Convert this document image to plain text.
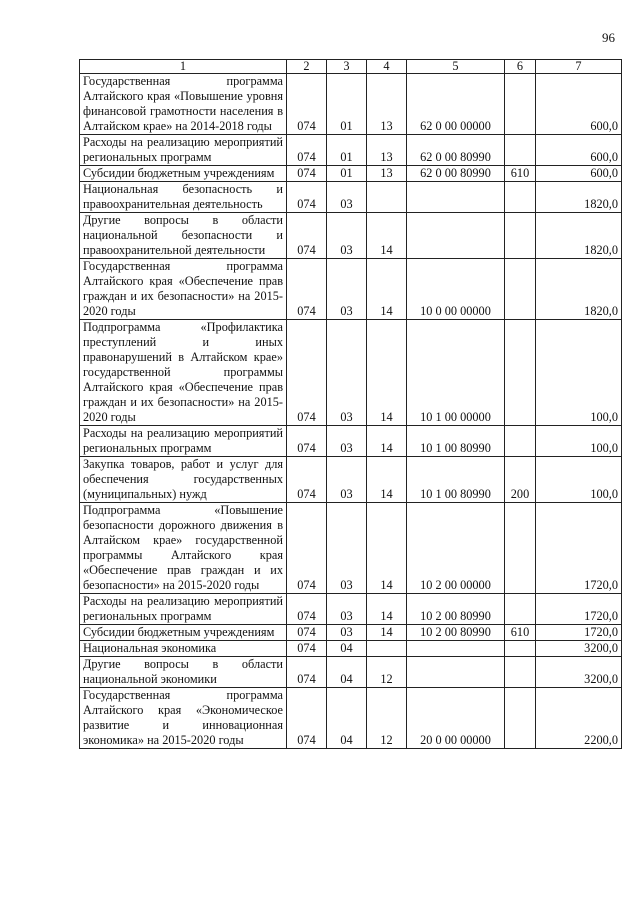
96
1	2	3	4	5	6	7
Государственная программа Алтайского края «Повышение уровня финансовой грамотности населения в Алтайском крае» на 2014-2018 годы	074	01	13	62 0 00 00000		600,0
Расходы на реализацию мероприятий региональных программ	074	01	13	62 0 00 80990		600,0
Субсидии бюджетным учреждениям	074	01	13	62 0 00 80990	610	600,0
Национальная безопасность и правоохранительная деятельность	074	03				1820,0
Другие вопросы в области национальной безопасности и правоохранительной деятельности	074	03	14			1820,0
Государственная программа Алтайского края «Обеспечение прав граждан и их безопасности» на 2015-2020 годы	074	03	14	10 0 00 00000		1820,0
Подпрограмма «Профилактика преступлений и иных правонарушений в Алтайском крае» государственной программы Алтайского края «Обеспечение прав граждан и их безопасности» на 2015-2020 годы	074	03	14	10 1 00 00000		100,0
Расходы на реализацию мероприятий региональных программ	074	03	14	10 1 00 80990		100,0
Закупка товаров, работ и услуг для обеспечения государственных (муниципальных) нужд	074	03	14	10 1 00 80990	200	100,0
Подпрограмма «Повышение безопасности дорожного движения в Алтайском крае» государственной программы Алтайского края «Обеспечение прав граждан и их безопасности» на 2015-2020 годы	074	03	14	10 2 00 00000		1720,0
Расходы на реализацию мероприятий региональных программ	074	03	14	10 2 00 80990		1720,0
Субсидии бюджетным учреждениям	074	03	14	10 2 00 80990	610	1720,0
Национальная экономика	074	04				3200,0
Другие вопросы в области национальной экономики	074	04	12			3200,0
Государственная программа Алтайского края «Экономическое развитие и инновационная экономика» на 2015-2020 годы	074	04	12	20 0 00 00000		2200,0
